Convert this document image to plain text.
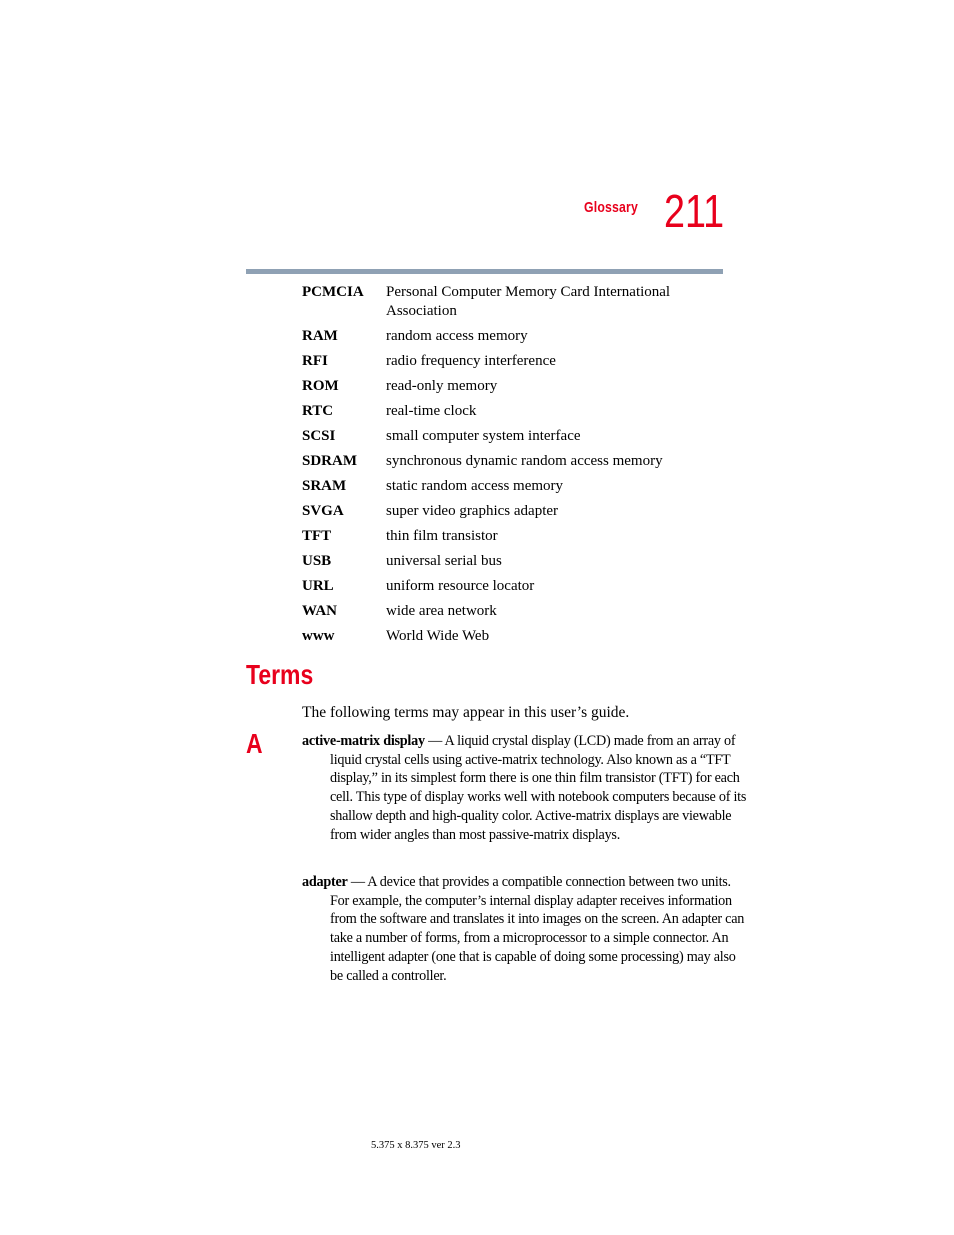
Glossary 211
PCMCIA	Personal Computer Memory Card International Association
RAM	random access memory
RFI	radio frequency interference
ROM	read-only memory
RTC	real-time clock
SCSI	small computer system interface
SDRAM	synchronous dynamic random access memory
SRAM	static random access memory
SVGA	super video graphics adapter
TFT	thin film transistor
USB	universal serial bus
URL	uniform resource locator
WAN	wide area network
www	World Wide Web
Terms

The following terms may appear in this user’s guide.

A	active-matrix display — A liquid crystal display (LCD) made from an array of liquid crystal cells using active-matrix technology. Also known as a “TFT display,” in its simplest form there is one thin film transistor (TFT) for each cell. This type of display works well with notebook computers because of its shallow depth and high-quality color. Active-matrix displays are viewable from wider angles than most passive-matrix displays.

adapter — A device that provides a compatible connection between two units. For example, the computer’s internal display adapter receives information from the software and translates it into images on the screen. An adapter can take a number of forms, from a microprocessor to a simple connector. An intelligent adapter (one that is capable of doing some processing) may also be called a controller.

5.375 x 8.375 ver 2.3
